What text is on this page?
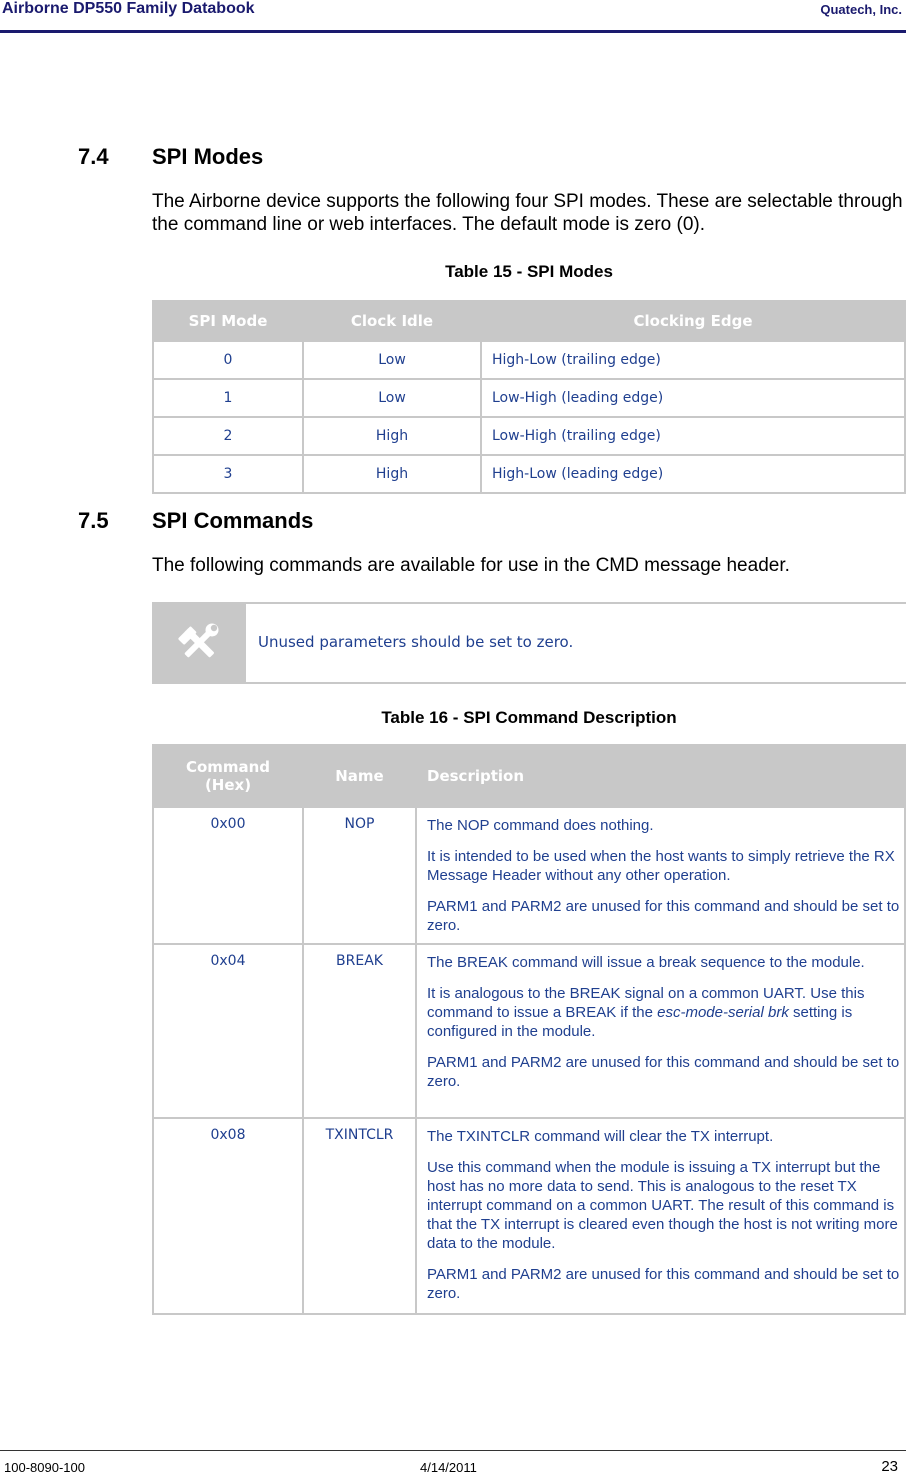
Airborne DP550 Family Databook	Quatech, Inc.
7.4 SPI Modes
The Airborne device supports the following four SPI modes. These are selectable through the command line or web interfaces. The default mode is zero (0).
Table 15 - SPI Modes
SPI Mode	Clock Idle	Clocking Edge
0	Low	High-Low (trailing edge)
1	Low	Low-High (leading edge)
2	High	Low-High (trailing edge)
3	High	High-Low (leading edge)
7.5 SPI Commands
The following commands are available for use in the CMD message header.
Unused parameters should be set to zero.
Table 16 - SPI Command Description
Command (Hex)	Name	Description
0x00	NOP	The NOP command does nothing.

It is intended to be used when the host wants to simply retrieve the RX Message Header without any other operation.

PARM1 and PARM2 are unused for this command and should be set to zero.

0x04	BREAK	The BREAK command will issue a break sequence to the module.

It is analogous to the BREAK signal on a common UART. Use this command to issue a BREAK if the esc-mode-serial brk setting is configured in the module.

PARM1 and PARM2 are unused for this command and should be set to zero.

0x08	TXINTCLR	The TXINTCLR command will clear the TX interrupt.

Use this command when the module is issuing a TX interrupt but the host has no more data to send. This is analogous to the reset TX interrupt command on a common UART. The result of this command is that the TX interrupt is cleared even though the host is not writing more data to the module.

PARM1 and PARM2 are unused for this command and should be set to zero.

100-8090-100	4/14/2011	23
